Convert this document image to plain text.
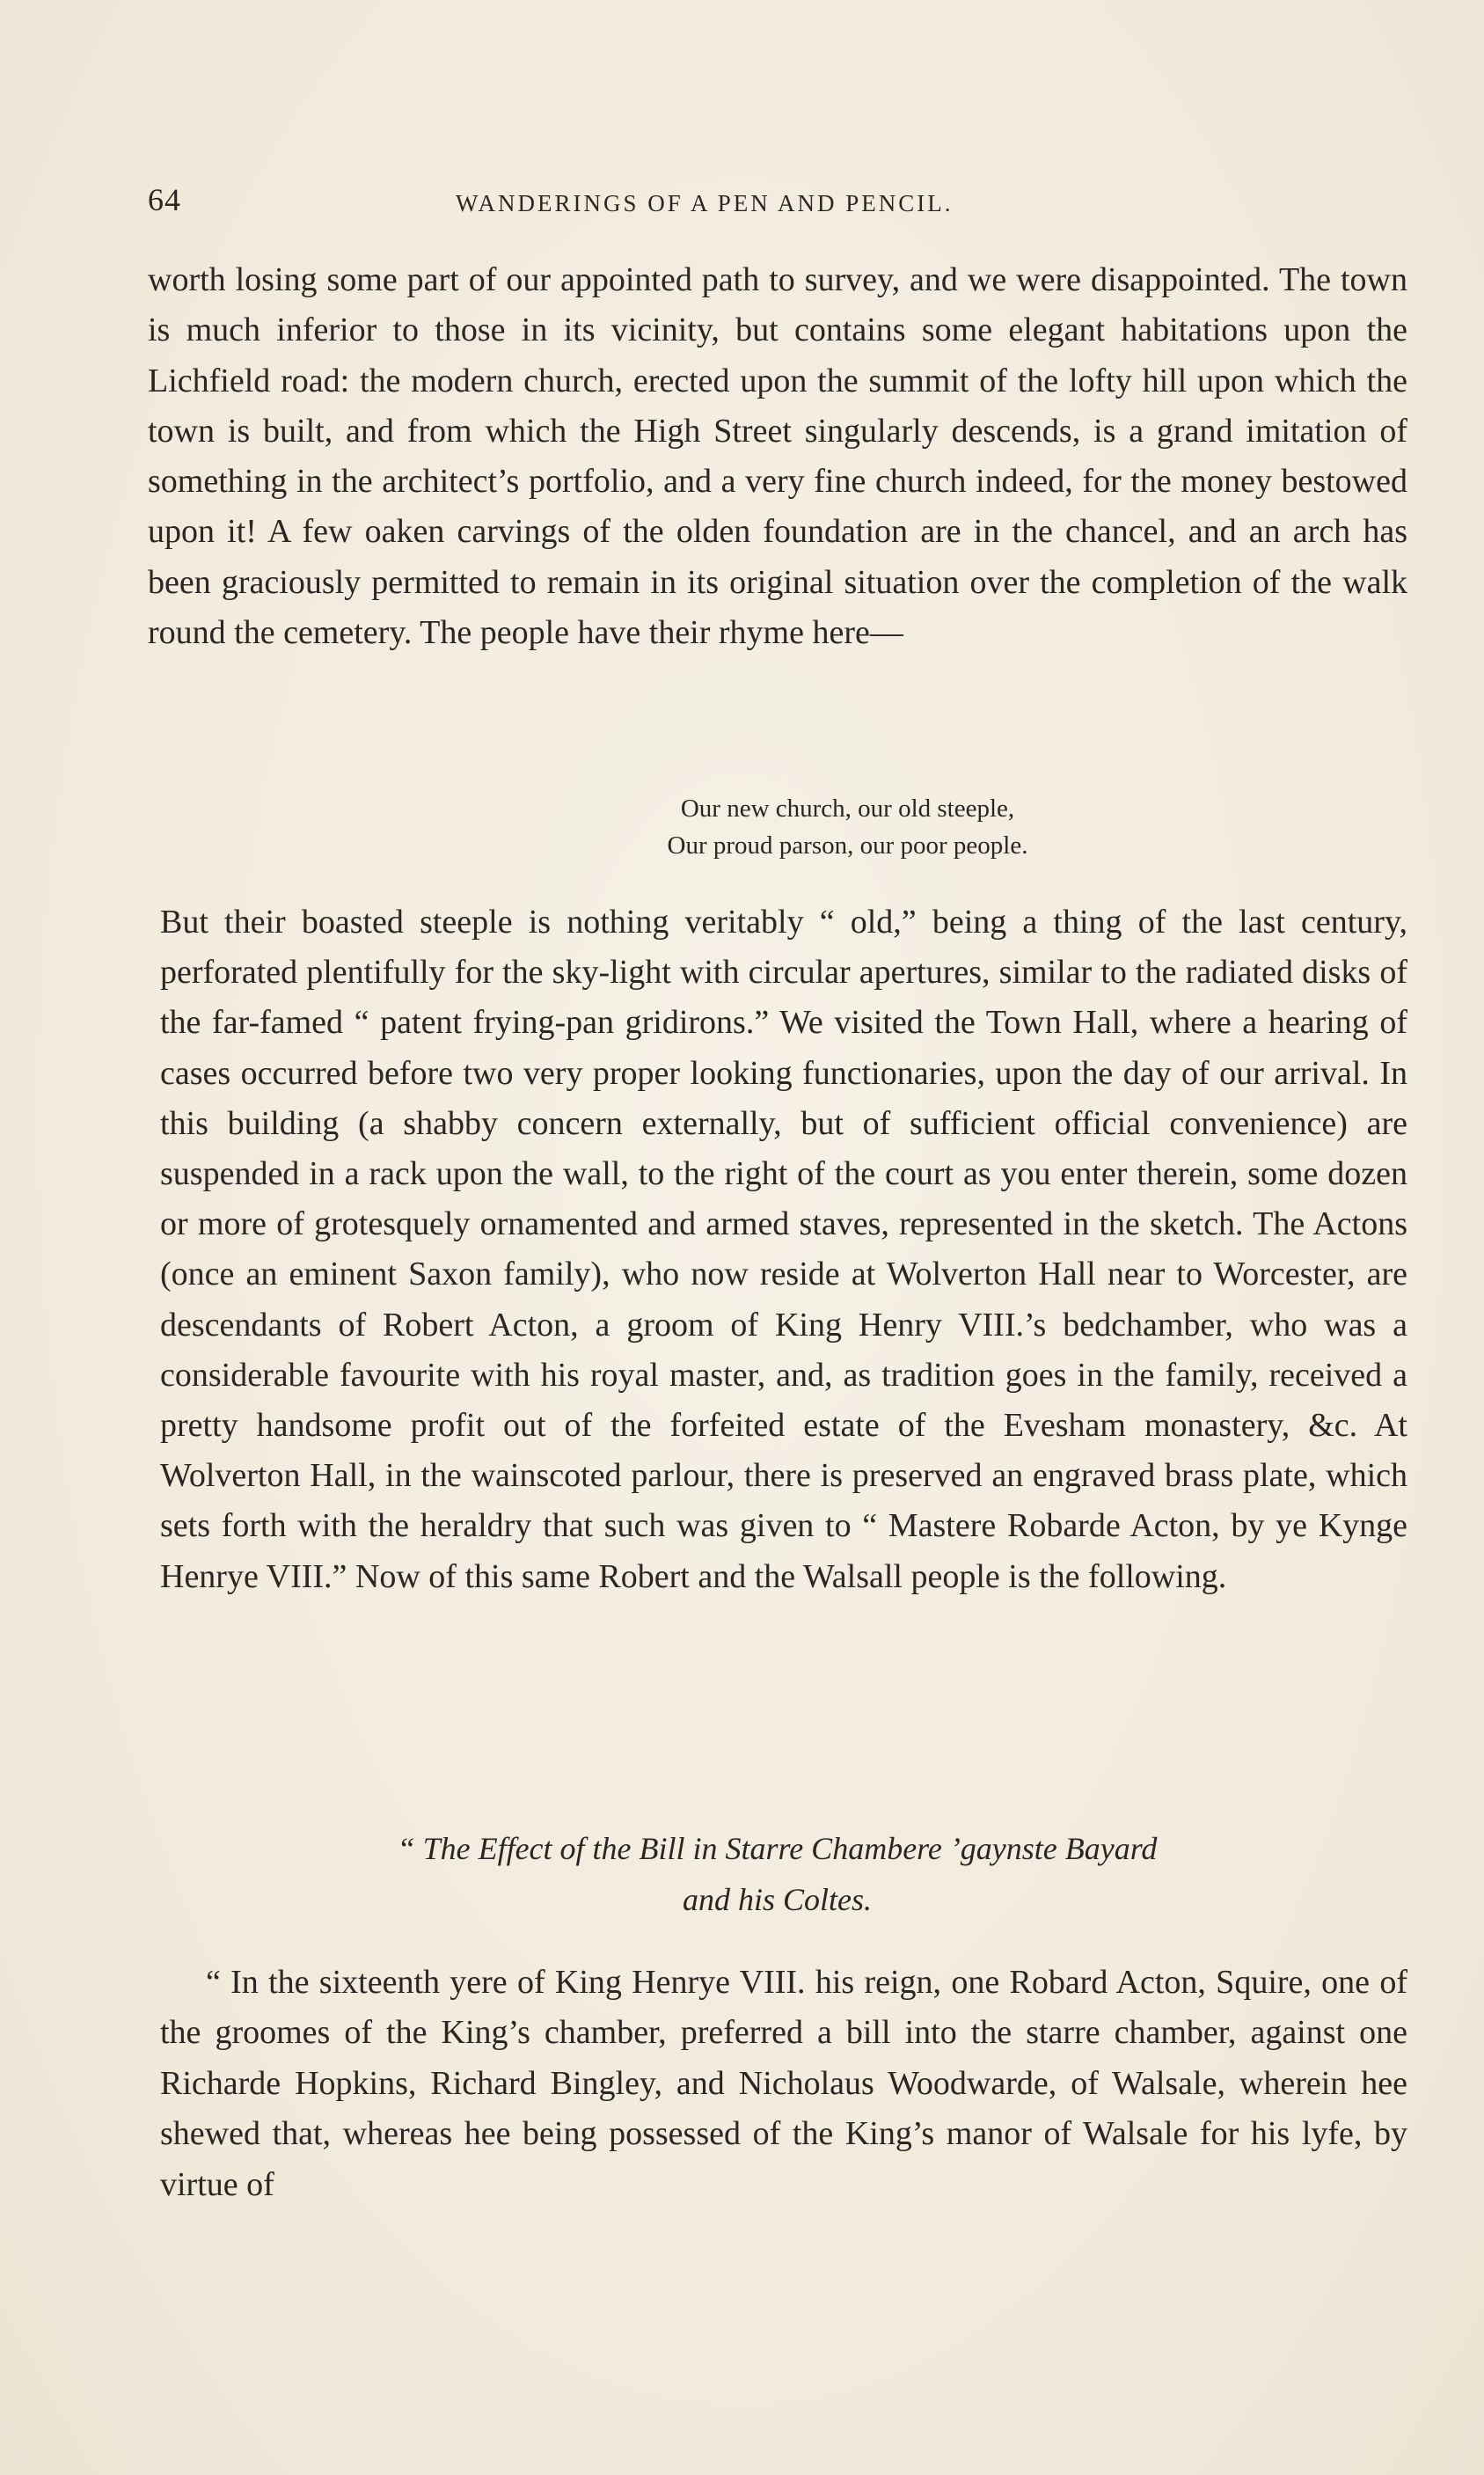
64	WANDERINGS OF A PEN AND PENCIL.

worth losing some part of our appointed path to survey, and we were disappointed. The town is much inferior to those in its vicinity, but contains some elegant habitations upon the Lichfield road: the modern church, erected upon the summit of the lofty hill upon which the town is built, and from which the High Street singularly descends, is a grand imitation of something in the architect’s portfolio, and a very fine church indeed, for the money bestowed upon it! A few oaken carvings of the olden foundation are in the chancel, and an arch has been graciously permitted to remain in its original situation over the completion of the walk round the cemetery. The people have their rhyme here—

Our new church, our old steeple,
Our proud parson, our poor people.

But their boasted steeple is nothing veritably “ old,” being a thing of the last century, perforated plentifully for the sky-light with circular apertures, similar to the radiated disks of the far-famed “ patent frying-pan gridirons.” We visited the Town Hall, where a hearing of cases occurred before two very proper looking functionaries, upon the day of our arrival. In this building (a shabby concern externally, but of sufficient official convenience) are suspended in a rack upon the wall, to the right of the court as you enter therein, some dozen or more of grotesquely ornamented and armed staves, represented in the sketch. The Actons (once an eminent Saxon family), who now reside at Wolverton Hall near to Worcester, are descendants of Robert Acton, a groom of King Henry VIII.’s bedchamber, who was a considerable favourite with his royal master, and, as tradition goes in the family, received a pretty handsome profit out of the forfeited estate of the Evesham monastery, &c. At Wolverton Hall, in the wainscoted parlour, there is preserved an engraved brass plate, which sets forth with the heraldry that such was given to “ Mastere Robarde Acton, by ye Kynge Henrye VIII.” Now of this same Robert and the Walsall people is the following.

“ The Effect of the Bill in Starre Chambere ’gaynste Bayard
and his Coltes.

“ In the sixteenth yere of King Henrye VIII. his reign, one Robard Acton, Squire, one of the groomes of the King’s chamber, preferred a bill into the starre chamber, against one Richarde Hopkins, Richard Bingley, and Nicholaus Woodwarde, of Walsale, wherein hee shewed that, whereas hee being possessed of the King’s manor of Walsale for his lyfe, by virtue of
